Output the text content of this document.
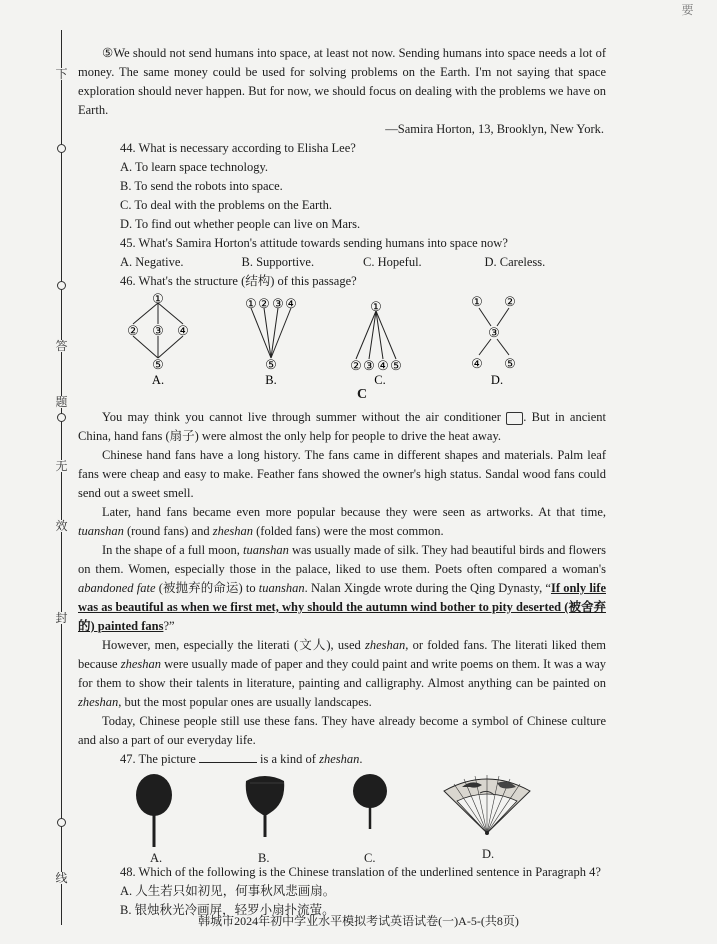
下
答
题
无
效
封
线
要

⑤We should not send humans into space, at least not now. Sending humans into space needs a lot of money. The same money could be used for solving problems on the Earth. I'm not saying that space exploration should never happen. But for now, we should focus on dealing with the problems we have on Earth.

—Samira Horton, 13, Brooklyn, New York.

44. What is necessary according to Elisha Lee?

A. To learn space technology.

B. To send the robots into space.

C. To deal with the problems on the Earth.

D. To find out whether people can live on Mars.

45. What's Samira Horton's attitude towards sending humans into space now?

A. Negative.	B. Supportive.	C. Hopeful.	D. Careless.

46. What's the structure (结构) of this passage?

①
② ③ ④
⑤
A.
① ② ③ ④
⑤
B.
①
② ③ ④ ⑤
C.
① ②
③
④ ⑤
D.

C

You may think you cannot live through summer without the air conditioner . But in ancient China, hand fans (扇子) were almost the only help for people to drive the heat away.

Chinese hand fans have a long history. The fans came in different shapes and materials. Palm leaf fans were cheap and easy to make. Feather fans showed the owner's high status. Sandal wood fans could send out a sweet smell.

Later, hand fans became even more popular because they were seen as artworks. At that time, tuanshan (round fans) and zheshan (folded fans) were the most common.

In the shape of a full moon, tuanshan was usually made of silk. They had beautiful birds and flowers on them. Women, especially those in the palace, liked to use them. Poets often compared a woman's abandoned fate (被抛弃的命运) to tuanshan. Nalan Xingde wrote during the Qing Dynasty, “If only life was as beautiful as when we first met, why should the autumn wind bother to pity deserted (被舍弃的) painted fans?”

However, men, especially the literati (文人), used zheshan, or folded fans. The literati liked them because zheshan were usually made of paper and they could paint and write poems on them. It was a way for them to show their talents in literature, painting and calligraphy. Almost anything can be painted on zheshan, but the most popular ones are usually landscapes.

Today, Chinese people still use these fans. They have already become a symbol of Chinese culture and also a part of our everyday life.

47. The picture	is a kind of zheshan.

A.	B.	C.	D.

48. Which of the following is the Chinese translation of the underlined sentence in Paragraph 4?

A. 人生若只如初见，何事秋风悲画扇。

B. 银烛秋光冷画屏，轻罗小扇扑流萤。

韩城市2024年初中学业水平模拟考试英语试卷(一)A-5-(共8页)
